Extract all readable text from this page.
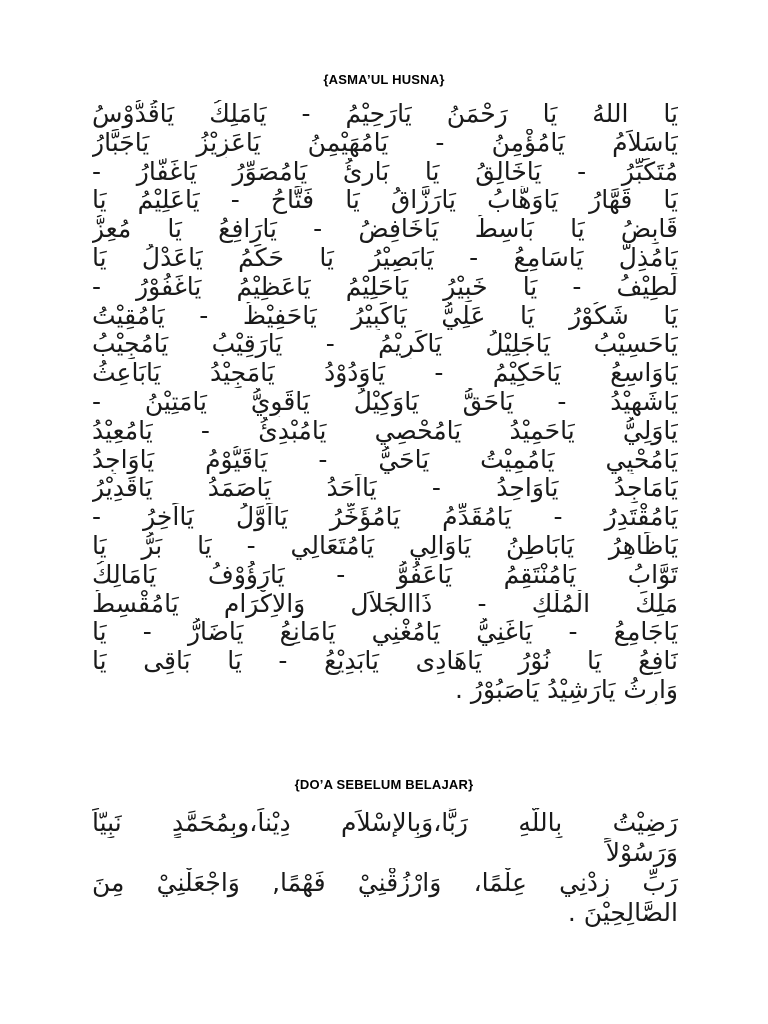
{ASMA’UL HUSNA}
يَا اللهُ يَا رَحْمَنُ يَارَحِيْمُ - يَامَلِكُ يَاقُدُّوْسُ
يَاسَلاَمُ يَامُؤْمِنُ - يَامُهَيْمِنُ يَاعَزِيْزُ يَاجَبَّارُ
مُتَكَبِّرُ - يَاخَالِقُ يَا بَارِئُ يَامُصَوِّرُ يَاغَفَّارُ -
يَا قَهَّارُ يَاوَهَّابُ يَارَزَّاقُ يَا فَتَّاحُ - يَاعَلِيْمُ يَا
قَابِضُ يَا بَاسِطُ يَاخَافِضُ - يَارَافِعُ يَا مُعِزُّ
يَامُذِلُّ يَاسَامِعُ - يَابَصِيْرُ يَا حَكَمُ يَاعَدْلُ يَا
لَطِيْفُ - يَا خَبِيْرُ يَاحَلِيْمُ يَاعَظِيْمُ يَاغَفُوْرُ -
يَا شَكُوْرُ يَا عَلِيُّ يَاكَبِيْرُ يَاحَفِيْظُ - يَامُقِيْتُ
يَاحَسِيْبُ يَاجَلِيْلُ يَاكَرِيْمُ - يَارَقِيْبُ يَامُجِيْبُ
يَاوَاسِعُ يَاحَكِيْمُ - يَاوَدُوْدُ يَامَجِيْدُ يَابَاعِثُ
يَاشَهِيْدُ - يَاحَقُّ يَاوَكِيْلُ يَاقَوِيُّ يَامَتِيْنُ -
يَاوَلِيُّ يَاحَمِيْدُ يَامُحْصِي يَامُبْدِئُ - يَامُعِيْدُ
يَامُحْيِي يَامُمِيْتُ يَاحَيُّ - يَاقَيُّوْمُ يَاوَاجِدُ
يَامَاجِدُ يَاوَاحِدُ - يَااَحَدُ يَاصَمَدُ يَاقَدِيْرُ
يَامُقْتَدِرُ - يَامُقَدِّمُ يَامُؤَخِّرُ يَااَوَّلُ يَااَخِرُ -
يَاظَاهِرُ يَابَاطِنُ يَاوَالِي يَامُتَعَالِي - يَا بَرُّ يَا
تَوَّابُ يَامُنْتَقِمُ يَاعَفُوُّ - يَارَؤُوْفُ يَامَالِكُ
مَلِكَ الْمُلْكِ - ذَاالجَلاَلِ وَالاِكْرَامِ يَامُقْسِطُ
يَاجَامِعُ - يَاغَنِيُّ يَامُغْنِي يَامَانِعُ يَاضَارُّ - يَا
نَافِعُ يَا نُوْرُ يَاهَادِى يَابَدِيْعُ - يَا بَاقِى يَا
وَارِثُ يَارَشِيْدُ يَاصَبُوْرُ .
{DO’A SEBELUM BELAJAR}
رَضِيْتُ بِاللّهِ رَبًّا،وَبِالإِسْلاَمِ دِيْناً،وبِمُحَمَّدٍ نَبِيّاً
وَرَسُوْلاً
رَبِّ زِدْنِي عِلْمًا، وَارْزُقْنِيْ فَهْمًا, وَاجْعَلْنِيْ مِنَ
الصَّالِحِيْنَ .
